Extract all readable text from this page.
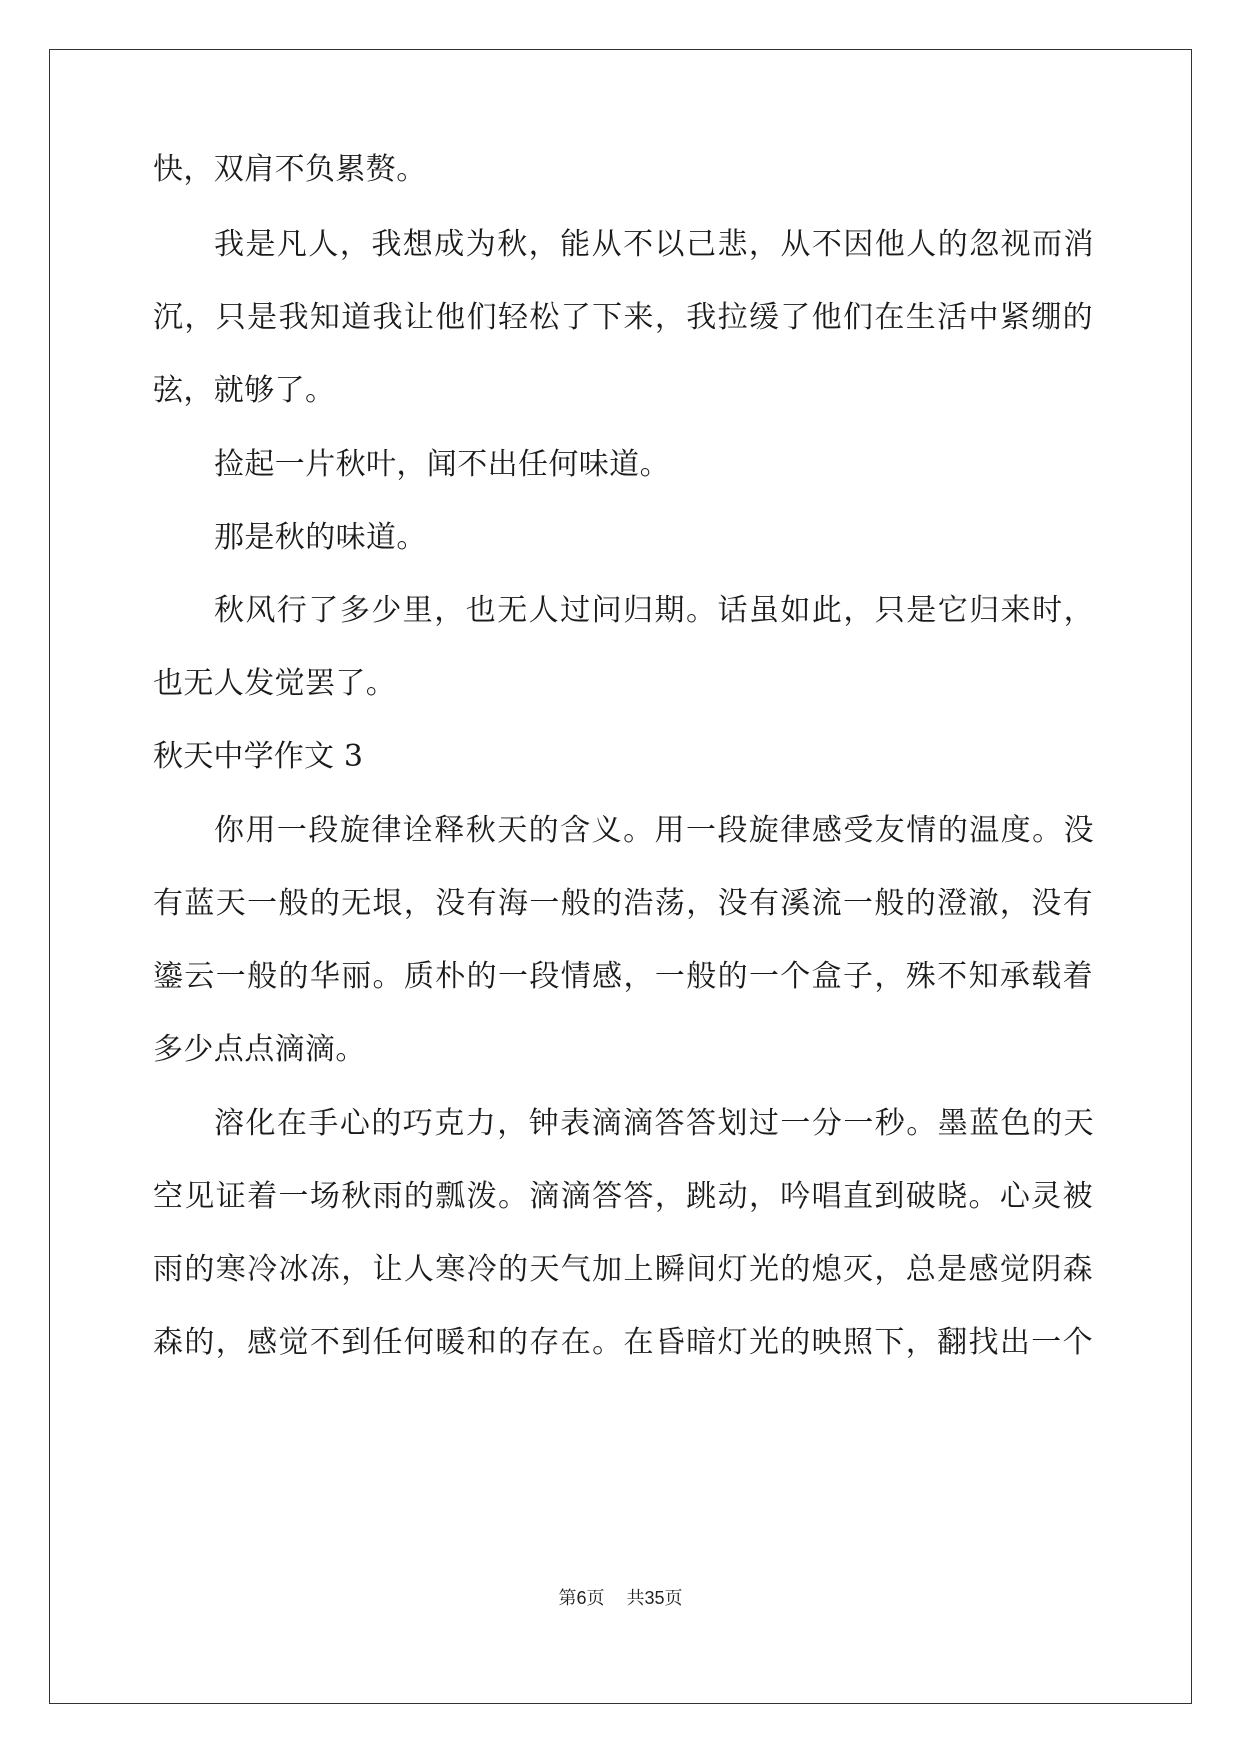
快，双肩不负累赘。
我是凡人，我想成为秋，能从不以己悲，从不因他人的忽视而消
沉，只是我知道我让他们轻松了下来，我拉缓了他们在生活中紧绷的
弦，就够了。
捡起一片秋叶，闻不出任何味道。
那是秋的味道。
秋风行了多少里，也无人过问归期。话虽如此，只是它归来时，
也无人发觉罢了。
秋天中学作文 3
你用一段旋律诠释秋天的含义。用一段旋律感受友情的温度。没
有蓝天一般的无垠，没有海一般的浩荡，没有溪流一般的澄澈，没有
鎏云一般的华丽。质朴的一段情感，一般的一个盒子，殊不知承载着
多少点点滴滴。
溶化在手心的巧克力，钟表滴滴答答划过一分一秒。墨蓝色的天
空见证着一场秋雨的瓢泼。滴滴答答，跳动，吟唱直到破晓。心灵被
雨的寒冷冰冻，让人寒冷的天气加上瞬间灯光的熄灭，总是感觉阴森
森的，感觉不到任何暖和的存在。在昏暗灯光的映照下，翻找出一个
第6页 共35页
